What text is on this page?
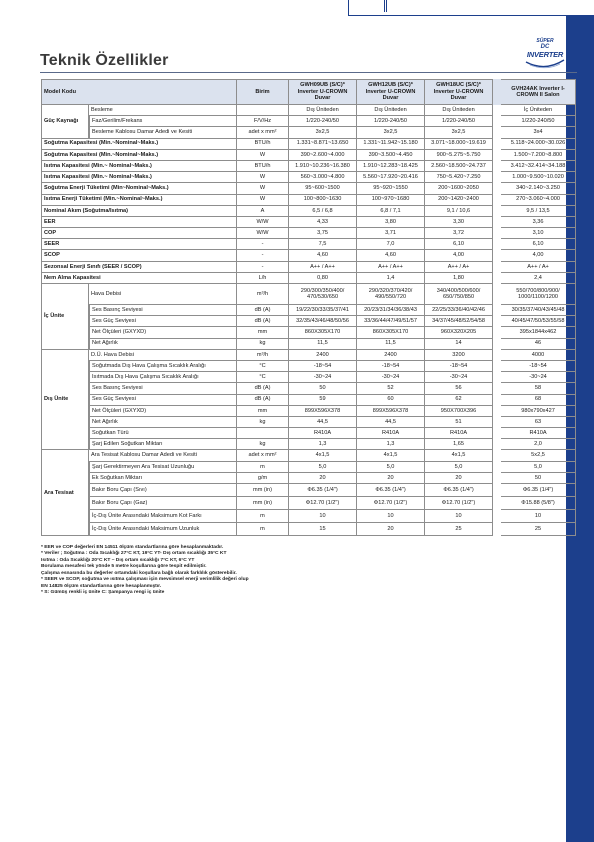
Teknik Özellikler
SÜPER
DC
INVERTER
Model Kodu		Birim	GWH09UB (S/C)* Inverter U-CROWN Duvar	GWH12UB (S/C)* Inverter U-CROWN Duvar	GWH18UC (S/C)* Inverter U-CROWN Duvar		GVH24AK Inverter I-CROWN II Salon
Güç Kaynağı	Besleme		Dış Üniteden	Dış Üniteden	Dış Üniteden		İç Üniteden
	Faz/Gerilim/Frekans	F/V/Hz	1/220-240/50	1/220-240/50	1/220-240/50		1/220-240/50
	Besleme Kablosu Damar Adedi ve Kesiti	adet x mm²	3x2,5	3x2,5	3x2,5		3x4
Soğutma Kapasitesi (Min.~Nominal~Maks.)		BTU/h	1.331~8.871~13.650	1.331~11.942~15.180	3.071~18.000~19.619		5.118~24.000~30.026
Soğutma Kapasitesi (Min.~Nominal~Maks.)		W	390~2.600~4.000	390~3.500~4.450	900~5.275~5.750		1.500~7.200~8.800
Isıtma Kapasitesi (Min.~ Nominal~Maks.)		BTU/h	1.910~10.236~16.380	1.910~12.283~18.425	2.560~18.500~24.737		3.412~32.414~34.188
Isıtma Kapasitesi (Min.~ Nominal~Maks.)		W	560~3.000~4.800	5.560~17.920~20.416	750~5.420~7.250		1.000~9.500~10.020
Soğutma Enerji Tüketimi (Min~Nominal~Maks.)		W	95~600~1500	95~920~1550	200~1600~2050		340~2.140~3.250
Isıtma Enerji Tüketimi (Min.~Nominal~Maks.)		W	100~800~1630	100~970~1680	200~1420~2400		270~3.060~4.000
Nominal Akım (Soğutma/Isıtma)		A	6,5 / 6,8	6,8 / 7,1	9,1 / 10,6		9,5 / 13,5
EER		W/W	4,33	3,80	3,30		3,36
COP		W/W	3,75	3,71	3,72		3,10
SEER		-	7,5	7,0	6,10		6,10
SCOP		-	4,60	4,60	4,00		4,00
Sezonsal Enerji Sınıfı (SEER / SCOP)		-	A++ / A++	A++ / A++	A++ / A+		A++ / A+
Nem Alma Kapasitesi		L/h	0,80	1,4	1,80		2,4
İç Ünite	Hava Debisi	m³/h	290/300/350/400/ 470/530/650	290/320/370/420/ 490/550/720	340/400/500/600/ 650/750/850		550/700/800/900/ 1000/1100/1200
	Ses Basınç Seviyesi	dB (A)	19/22/30/33/35/37/41	20/23/31/34/36/38/43	22/25/33/36/40/42/46		30/35/37/40/43/45/48
	Ses Güç Seviyesi	dB (A)	32/35/43/46/48/50/56	33/36/44/47/49/51/57	34/37/45/48/52/54/58		40/45/47/50/53/55/58
	Net Ölçüleri (GXYXD)	mm	860X305X170	860X305X170	960X320X205		395x1844x462
	Net Ağırlık	kg	11,5	11,5	14		46
Dış Ünite	D.Ü. Hava Debisi	m³/h	2400	2400	3200		4000
	Soğutmada Dış Hava Çalışma Sıcaklık Aralığı	°C	-18~54	-18~54	-18~54		-18~54
	Isıtmada Dış Hava Çalışma Sıcaklık Aralığı	°C	-30~24	-30~24	-30~24		-30~24
	Ses Basınç Seviyesi	dB (A)	50	52	56		58
	Ses Güç Seviyesi	dB (A)	59	60	62		68
	Net Ölçüleri (GXYXD)	mm	899X596X378	899X596X378	950X700X396		980x790x427
	Net Ağırlık	kg	44,5	44,5	51		63
	Soğutkan Türü		R410A	R410A	R410A		R410A
	Şarj Edilen Soğutkan Miktarı	kg	1,3	1,3	1,65		2,0
Ara Tesisat	Ara Tesisat Kablosu Damar Adedi ve Kesiti	adet x mm²	4x1,5	4x1,5	4x1,5		5x2,5
	Şarj Gerektirmeyen Ara Tesisat Uzunluğu	m	5,0	5,0	5,0		5,0
	Ek Soğutkan Miktarı	g/m	20	20	20		50
	Bakır Boru Çapı (Sıvı)	mm (in)	Φ6.35 (1/4")	Φ6.35 (1/4")	Φ6.35 (1/4")		Φ6.35 (1/4")
	Bakır Boru Çapı (Gaz)	mm (in)	Φ12.70 (1/2")	Φ12.70 (1/2")	Φ12.70 (1/2")		Φ15.88 (5/8")
	İç-Dış Ünite Arasındaki Maksimum Kot Farkı	m	10	10	10		10
	İç-Dış Ünite Arasındaki Maksimum Uzunluk	m	15	20	25		25

* EER ve COP değerleri EN 14511 ölçüm standartlarına göre hesaplanmaktadır.

* Veriler ; Soğutma : Oda Sıcaklığı 27°C KT, 19°C YT- Dış ortam sıcaklığı 35°C KT

Isıtma : Oda Sıcaklığı 20°C KT – Dış ortam sıcaklığı 7°C KT, 6°C YT

Borulama mesafesi tek yönde 5 metre koşullarına göre tespit edilmiştir.

Çalışma esnasında bu değerler ortamdaki koşullara bağlı olarak farklılık gösterebilir.

* SEER ve SCOP, soğutma ve ısıtma çalışması için mevsimsel enerji verimlilik değeri olup

EN 14825 ölçüm standartlarına göre hesaplanmıştır.

* S: Gümüş renkli iç ünite C: Şampanya rengi iç ünite
